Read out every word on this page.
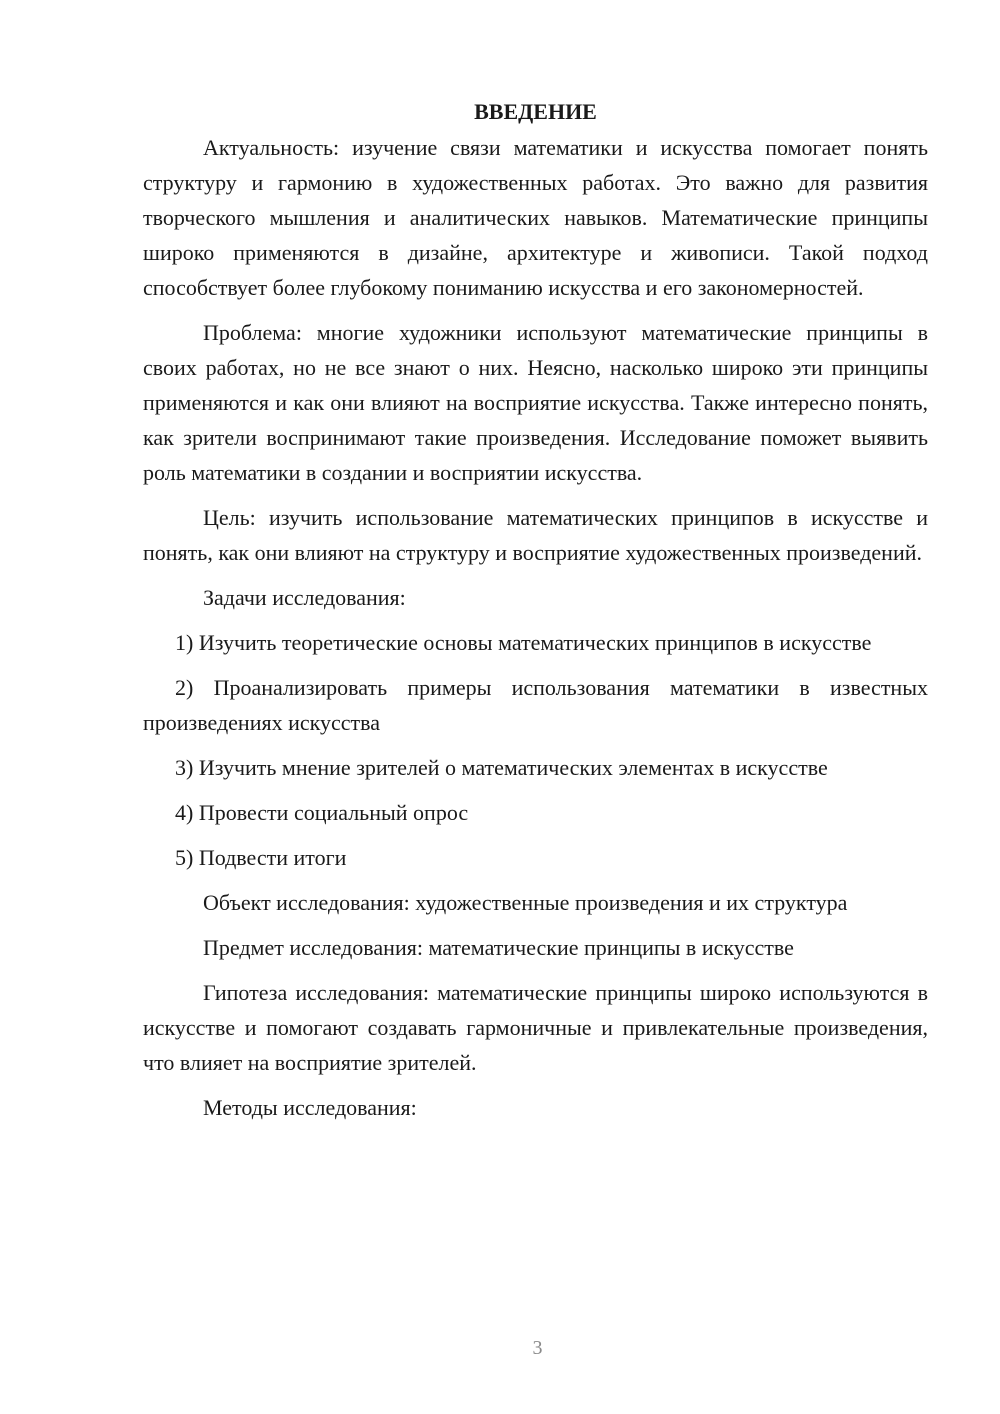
ВВЕДЕНИЕ

Актуальность: изучение связи математики и искусства помогает понять структуру и гармонию в художественных работах. Это важно для развития творческого мышления и аналитических навыков. Математические принципы широко применяются в дизайне, архитектуре и живописи. Такой подход способствует более глубокому пониманию искусства и его закономерностей.

Проблема: многие художники используют математические принципы в своих работах, но не все знают о них. Неясно, насколько широко эти принципы применяются и как они влияют на восприятие искусства. Также интересно понять, как зрители воспринимают такие произведения. Исследование поможет выявить роль математики в создании и восприятии искусства.

Цель: изучить использование математических принципов в искусстве и понять, как они влияют на структуру и восприятие художественных произведений.

Задачи исследования:

1) Изучить теоретические основы математических принципов в искусстве

2) Проанализировать примеры использования математики в известных произведениях искусства

3) Изучить мнение зрителей о математических элементах в искусстве

4) Провести социальный опрос

5) Подвести итоги

Объект исследования: художественные произведения и их структура

Предмет исследования: математические принципы в искусстве

Гипотеза исследования: математические принципы широко используются в искусстве и помогают создавать гармоничные и привлекательные произведения, что влияет на восприятие зрителей.

Методы исследования:

3
